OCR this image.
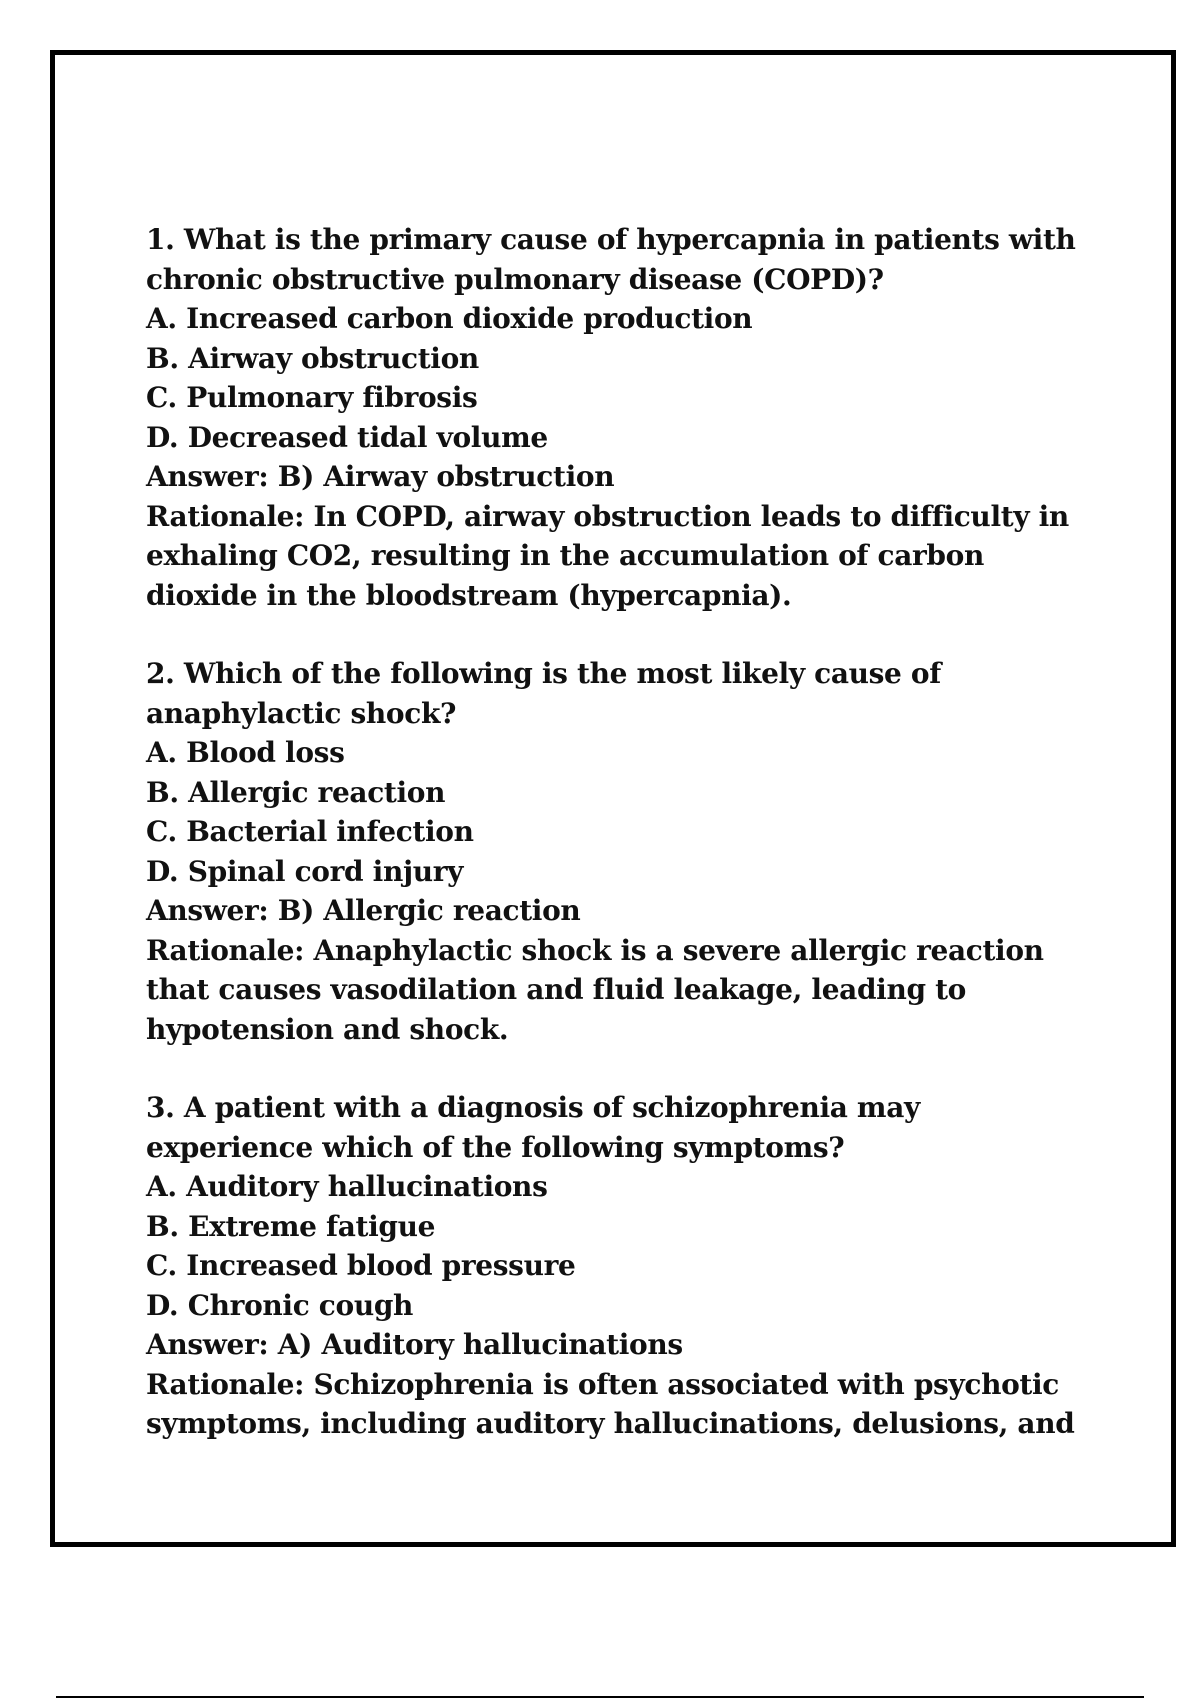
1. What is the primary cause of hypercapnia in patients with chronic obstructive pulmonary disease (COPD)?
A. Increased carbon dioxide production
B. Airway obstruction
C. Pulmonary fibrosis
D. Decreased tidal volume
Answer: B) Airway obstruction
Rationale: In COPD, airway obstruction leads to difficulty in exhaling CO2, resulting in the accumulation of carbon dioxide in the bloodstream (hypercapnia).
2. Which of the following is the most likely cause of anaphylactic shock?
A. Blood loss
B. Allergic reaction
C. Bacterial infection
D. Spinal cord injury
Answer: B) Allergic reaction
Rationale: Anaphylactic shock is a severe allergic reaction that causes vasodilation and fluid leakage, leading to hypotension and shock.
3. A patient with a diagnosis of schizophrenia may experience which of the following symptoms?
A. Auditory hallucinations
B. Extreme fatigue
C. Increased blood pressure
D. Chronic cough
Answer: A) Auditory hallucinations
Rationale: Schizophrenia is often associated with psychotic symptoms, including auditory hallucinations, delusions, and
